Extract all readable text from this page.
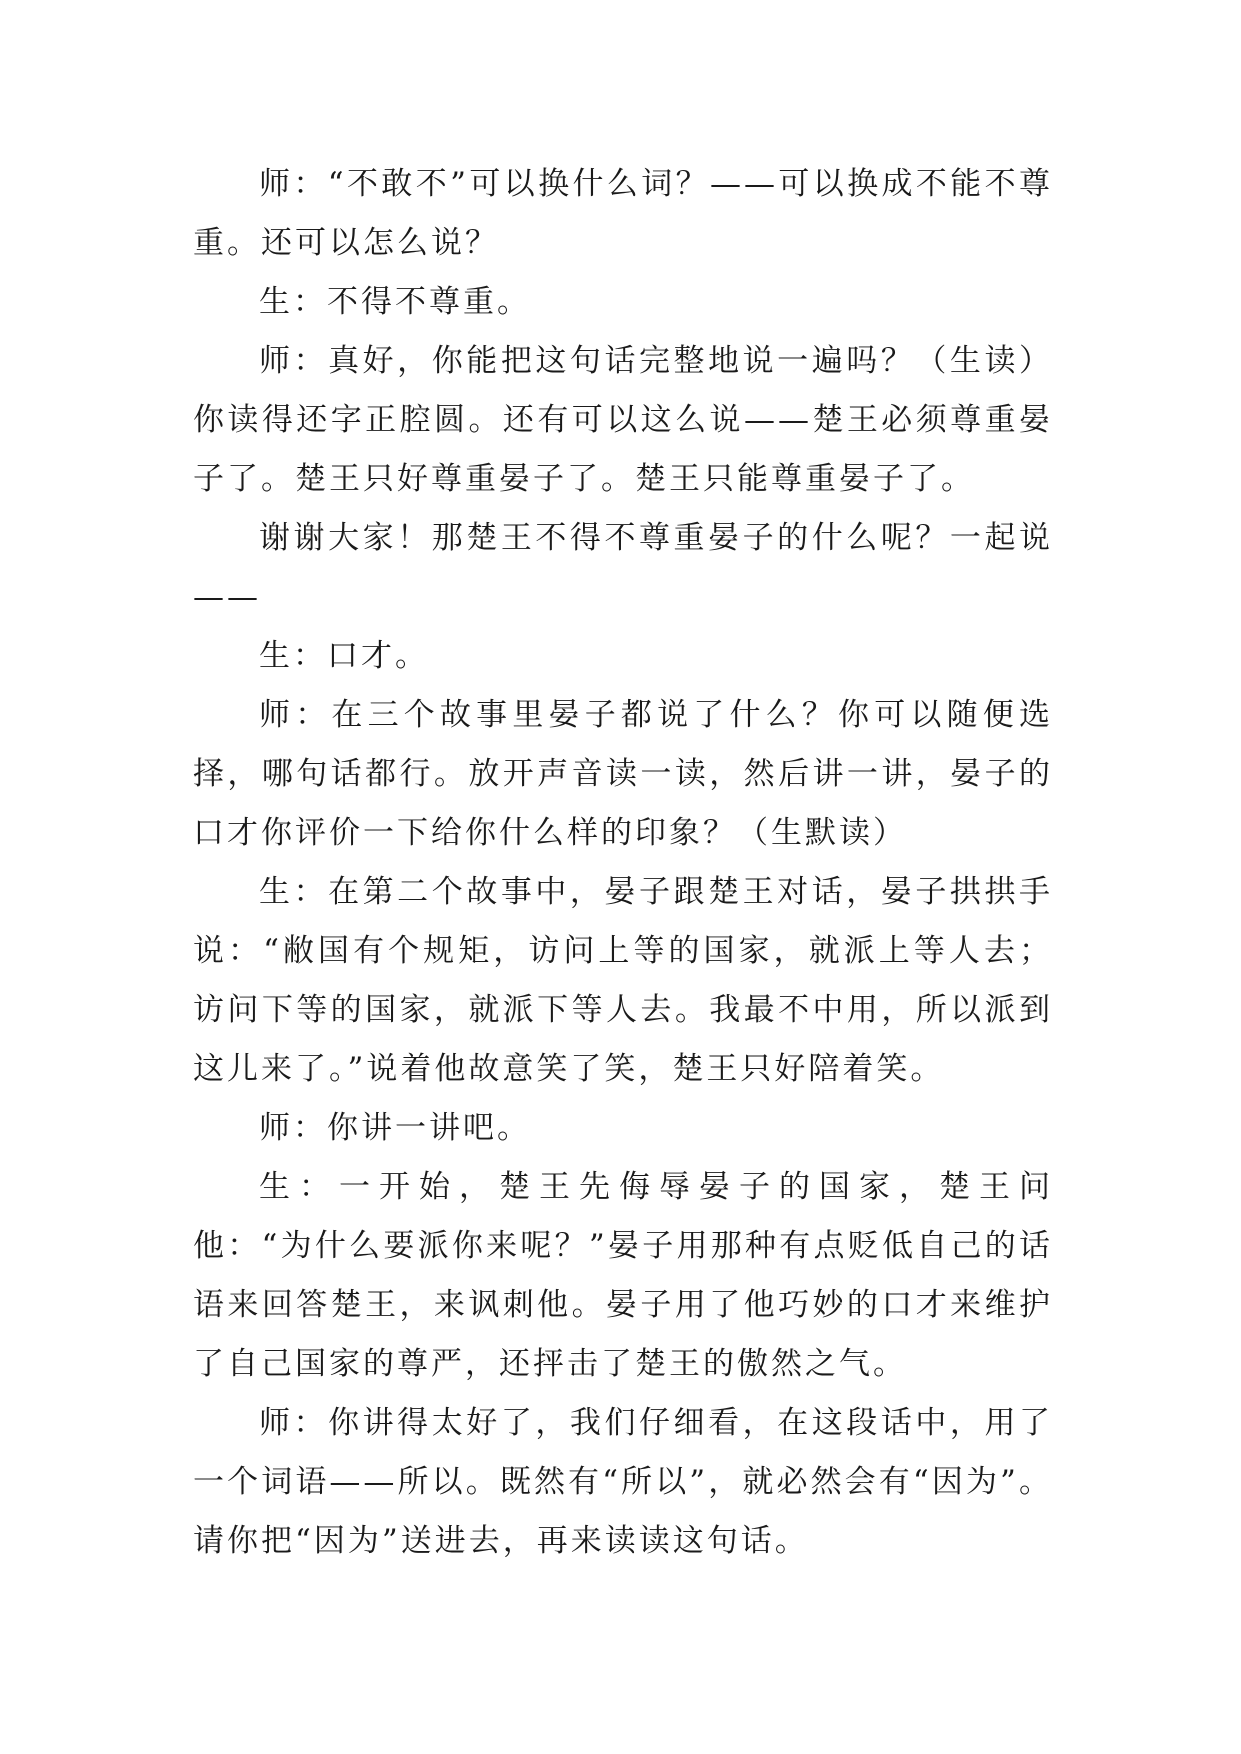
师：“不敢不”可以换什么词？——可以换成不能不尊重。还可以怎么说？

生：不得不尊重。

师：真好，你能把这句话完整地说一遍吗？（生读）你读得还字正腔圆。还有可以这么说——楚王必须尊重晏子了。楚王只好尊重晏子了。楚王只能尊重晏子了。

谢谢大家！那楚王不得不尊重晏子的什么呢？一起说——

生：口才。

师：在三个故事里晏子都说了什么？你可以随便选择，哪句话都行。放开声音读一读，然后讲一讲，晏子的口才你评价一下给你什么样的印象？（生默读）

生：在第二个故事中，晏子跟楚王对话，晏子拱拱手说：“敝国有个规矩，访问上等的国家，就派上等人去；访问下等的国家，就派下等人去。我最不中用，所以派到这儿来了。”说着他故意笑了笑，楚王只好陪着笑。

师：你讲一讲吧。

生：一开始，楚王先侮辱晏子的国家，楚王问他：“为什么要派你来呢？”晏子用那种有点贬低自己的话语来回答楚王，来讽刺他。晏子用了他巧妙的口才来维护了自己国家的尊严，还抨击了楚王的傲然之气。

师：你讲得太好了，我们仔细看，在这段话中，用了一个词语——所以。既然有“所以”，就必然会有“因为”。请你把“因为”送进去，再来读读这句话。
